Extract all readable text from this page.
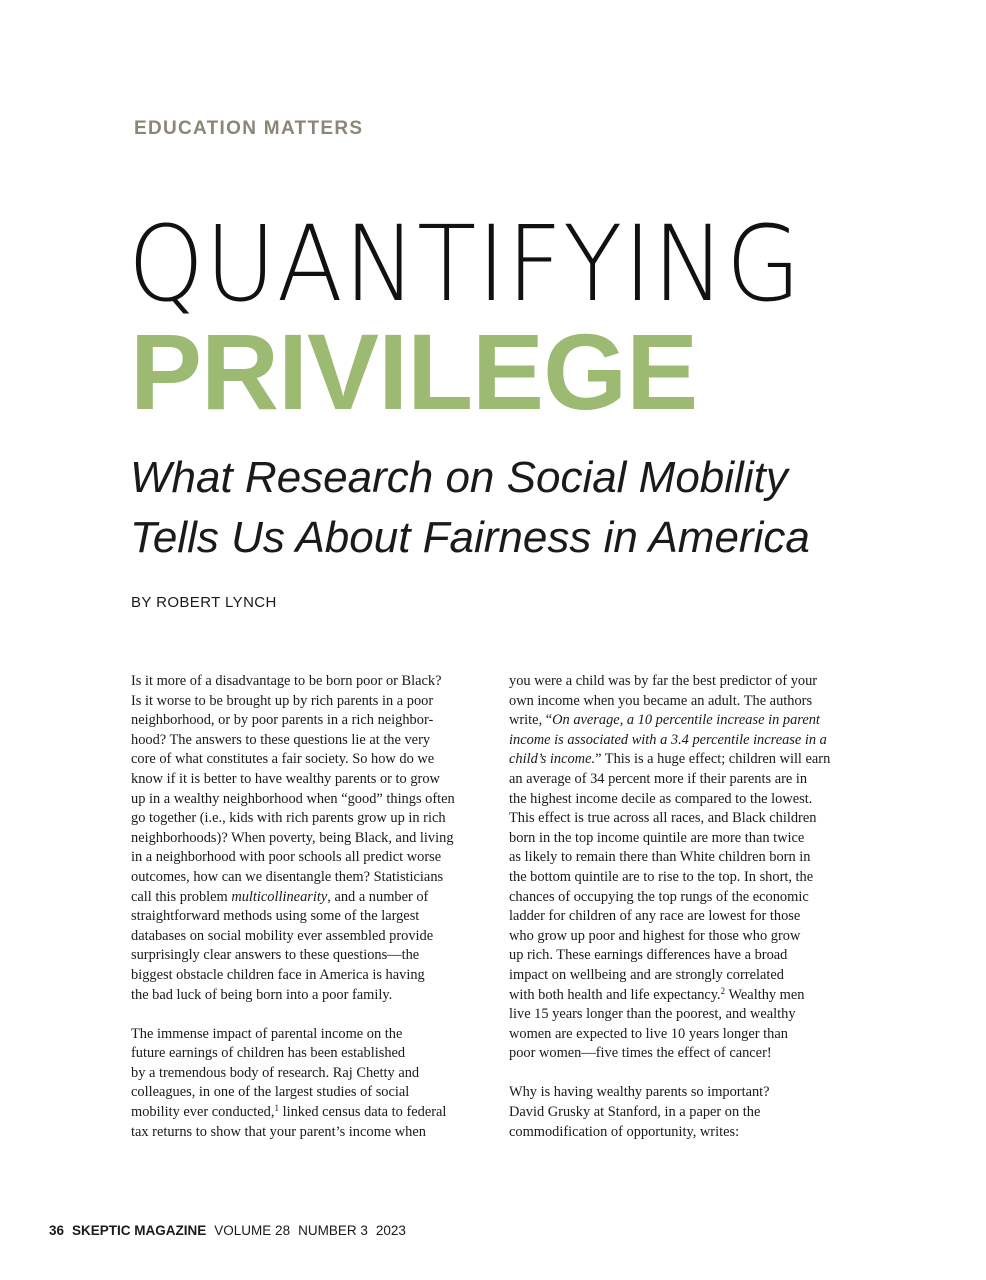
EDUCATION MATTERS
QUANTIFYING
PRIVILEGE
What Research on Social Mobility
Tells Us About Fairness in America
BY ROBERT LYNCH

Is it more of a disadvantage to be born poor or Black?
Is it worse to be brought up by rich parents in a poor
neighborhood, or by poor parents in a rich neighbor-
hood? The answers to these questions lie at the very
core of what constitutes a fair society. So how do we
know if it is better to have wealthy parents or to grow
up in a wealthy neighborhood when “good” things often
go together (i.e., kids with rich parents grow up in rich
neighborhoods)? When poverty, being Black, and living
in a neighborhood with poor schools all predict worse
outcomes, how can we disentangle them? Statisticians
call this problem multicollinearity, and a number of
straightforward methods using some of the largest
databases on social mobility ever assembled provide
surprisingly clear answers to these questions—the
biggest obstacle children face in America is having
the bad luck of being born into a poor family.

The immense impact of parental income on the
future earnings of children has been established
by a tremendous body of research. Raj Chetty and
colleagues, in one of the largest studies of social
mobility ever conducted,$^1$ linked census data to federal
tax returns to show that your parent’s income when

you were a child was by far the best predictor of your
own income when you became an adult. The authors
write, “On average, a 10 percentile increase in parent
income is associated with a 3.4 percentile increase in a
child’s income.” This is a huge effect; children will earn
an average of 34 percent more if their parents are in
the highest income decile as compared to the lowest.
This effect is true across all races, and Black children
born in the top income quintile are more than twice
as likely to remain there than White children born in
the bottom quintile are to rise to the top. In short, the
chances of occupying the top rungs of the economic
ladder for children of any race are lowest for those
who grow up poor and highest for those who grow
up rich. These earnings differences have a broad
impact on wellbeing and are strongly correlated
with both health and life expectancy.$^2$ Wealthy men
live 15 years longer than the poorest, and wealthy
women are expected to live 10 years longer than
poor women—five times the effect of cancer!

Why is having wealthy parents so important?
David Grusky at Stanford, in a paper on the
commodification of opportunity, writes:

36 SKEPTIC MAGAZINE VOLUME 28 NUMBER 3 2023
